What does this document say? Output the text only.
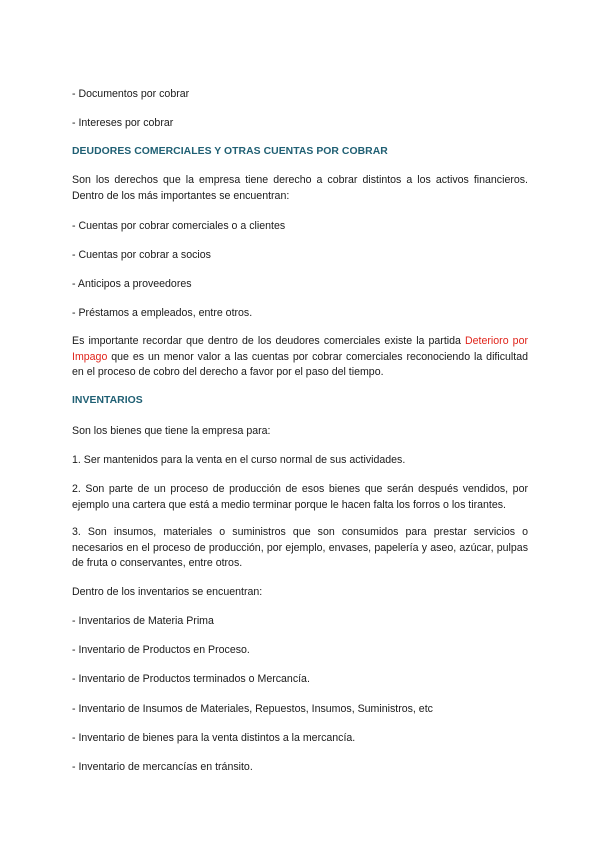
- Documentos por cobrar

- Intereses por cobrar

DEUDORES COMERCIALES Y OTRAS CUENTAS POR COBRAR

Son los derechos que la empresa tiene derecho a cobrar distintos a los activos financieros. Dentro de los más importantes se encuentran:

- Cuentas por cobrar comerciales o a clientes

- Cuentas por cobrar a socios

- Anticipos a proveedores

- Préstamos a empleados, entre otros.

Es importante recordar que dentro de los deudores comerciales existe la partida Deterioro por Impago que es un menor valor a las cuentas por cobrar comerciales reconociendo la dificultad en el proceso de cobro del derecho a favor por el paso del tiempo.

INVENTARIOS

Son los bienes que tiene la empresa para:

1. Ser mantenidos para la venta en el curso normal de sus actividades.

2. Son parte de un proceso de producción de esos bienes que serán después vendidos, por ejemplo una cartera que está a medio terminar porque le hacen falta los forros o los tirantes.

3. Son insumos, materiales o suministros que son consumidos para prestar servicios o necesarios en el proceso de producción, por ejemplo, envases, papelería y aseo, azúcar, pulpas de fruta o conservantes, entre otros.

Dentro de los inventarios se encuentran:

- Inventarios de Materia Prima

- Inventario de Productos en Proceso.

- Inventario de Productos terminados o Mercancía.

- Inventario de Insumos de Materiales, Repuestos, Insumos, Suministros, etc

- Inventario de bienes para la venta distintos a la mercancía.

- Inventario de mercancías en tránsito.
